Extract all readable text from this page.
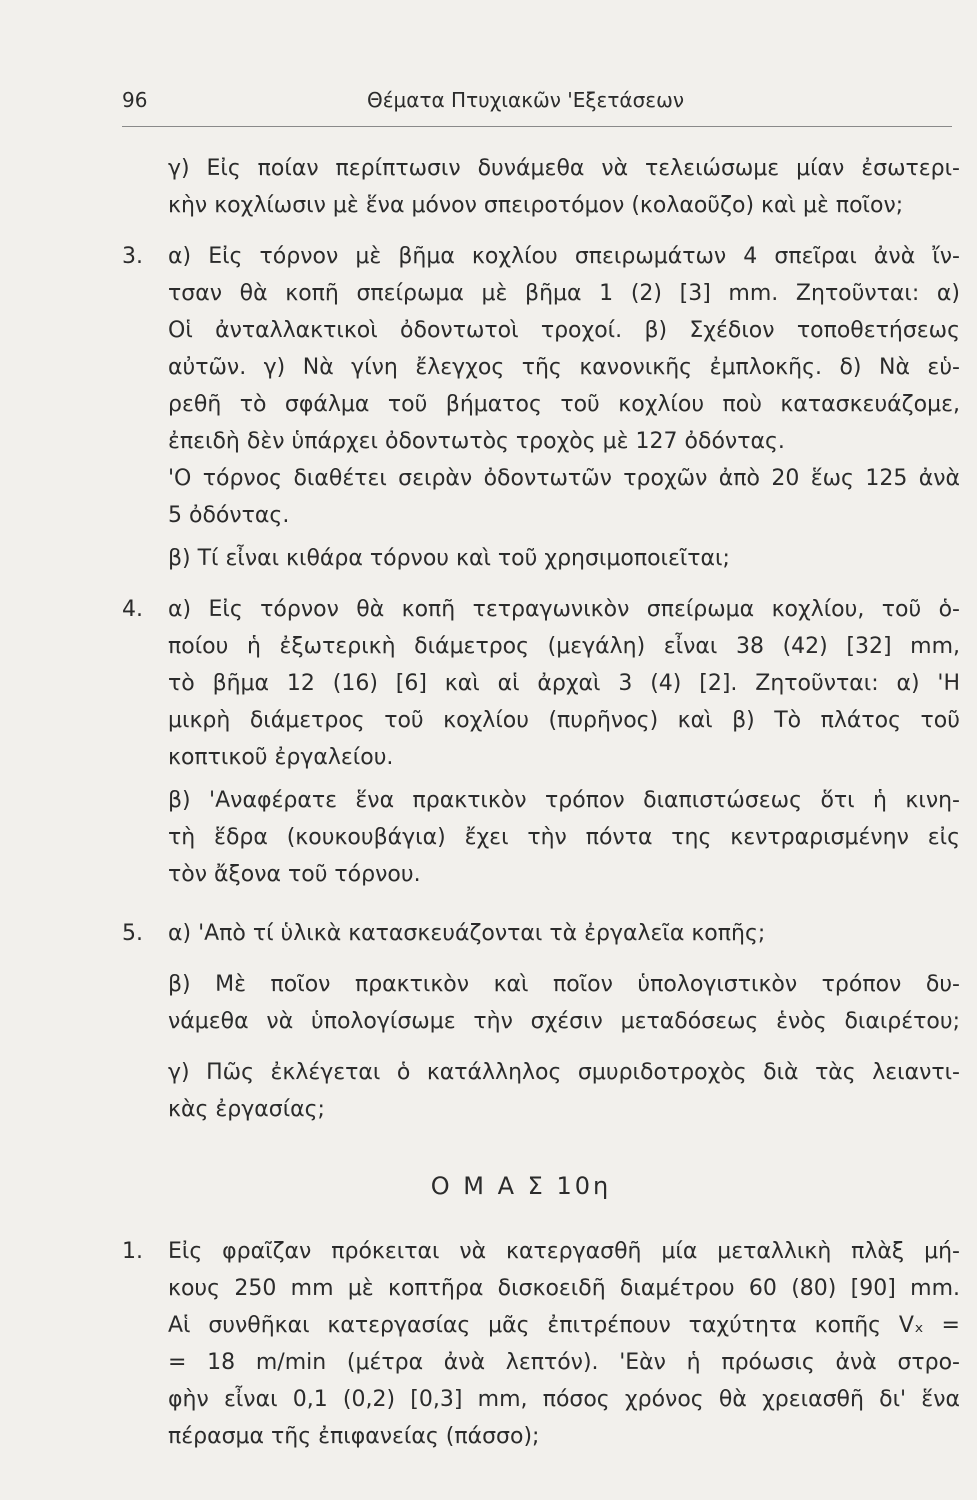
96	Θέματα Πτυχιακῶν 'Εξετάσεων
γ) Εἰς ποίαν περίπτωσιν δυνάμεθα νὰ τελειώσωμε μίαν ἐσωτερι-
κὴν κοχλίωσιν μὲ ἕνα μόνον σπειροτόμον (κολαοῦζο) καὶ μὲ ποῖον;
3. α) Εἰς τόρνον μὲ βῆμα κοχλίου σπειρωμάτων 4 σπεῖραι ἀνὰ ἴν-
τσαν θὰ κοπῆ σπείρωμα μὲ βῆμα 1 (2) [3] mm. Ζητοῦνται: α)
Οἱ ἀνταλλακτικοὶ ὀδοντωτοὶ τροχοί. β) Σχέδιον τοποθετήσεως
αὐτῶν. γ) Νὰ γίνη ἔλεγχος τῆς κανονικῆς ἐμπλοκῆς. δ) Νὰ εὑ-
ρεθῆ τὸ σφάλμα τοῦ βήματος τοῦ κοχλίου ποὺ κατασκευάζομε,
ἐπειδὴ δὲν ὑπάρχει ὀδοντωτὸς τροχὸς μὲ 127 ὀδόντας.
'Ο τόρνος διαθέτει σειρὰν ὀδοντωτῶν τροχῶν ἀπὸ 20 ἕως 125 ἀνὰ
5 ὀδόντας.
β) Τί εἶναι κιθάρα τόρνου καὶ τοῦ χρησιμοποιεῖται;
4. α) Εἰς τόρνον θὰ κοπῆ τετραγωνικὸν σπείρωμα κοχλίου, τοῦ ὁ-
ποίου ἡ ἐξωτερικὴ διάμετρος (μεγάλη) εἶναι 38 (42) [32] mm,
τὸ βῆμα 12 (16) [6] καὶ αἱ ἀρχαὶ 3 (4) [2]. Ζητοῦνται: α) 'Η
μικρὴ διάμετρος τοῦ κοχλίου (πυρῆνος) καὶ β) Τὸ πλάτος τοῦ
κοπτικοῦ ἐργαλείου.
β) 'Αναφέρατε ἕνα πρακτικὸν τρόπον διαπιστώσεως ὅτι ἡ κινη-
τὴ ἕδρα (κουκουβάγια) ἔχει τὴν πόντα της κεντραρισμένην εἰς
τὸν ἄξονα τοῦ τόρνου.
5. α) 'Απὸ τί ὑλικὰ κατασκευάζονται τὰ ἐργαλεῖα κοπῆς;
β) Μὲ ποῖον πρακτικὸν καὶ ποῖον ὑπολογιστικὸν τρόπον δυ-
νάμεθα νὰ ὑπολογίσωμε τὴν σχέσιν μεταδόσεως ἑνὸς διαιρέτου;
γ) Πῶς ἐκλέγεται ὁ κατάλληλος σμυριδοτροχὸς διὰ τὰς λειαντι-
κὰς ἐργασίας;
Ο Μ Α Σ 10η
1. Εἰς φραῖζαν πρόκειται νὰ κατεργασθῆ μία μεταλλικὴ πλὰξ μή-
κους 250 mm μὲ κοπτῆρα δισκοειδῆ διαμέτρου 60 (80) [90] mm.
Αἱ συνθῆκαι κατεργασίας μᾶς ἐπιτρέπουν ταχύτητα κοπῆς Vₓ =
= 18 m/min (μέτρα ἀνὰ λεπτόν). 'Εὰν ἡ πρόωσις ἀνὰ στρο-
φὴν εἶναι 0,1 (0,2) [0,3] mm, πόσος χρόνος θὰ χρειασθῆ δι' ἕνα
πέρασμα τῆς ἐπιφανείας (πάσσο);
